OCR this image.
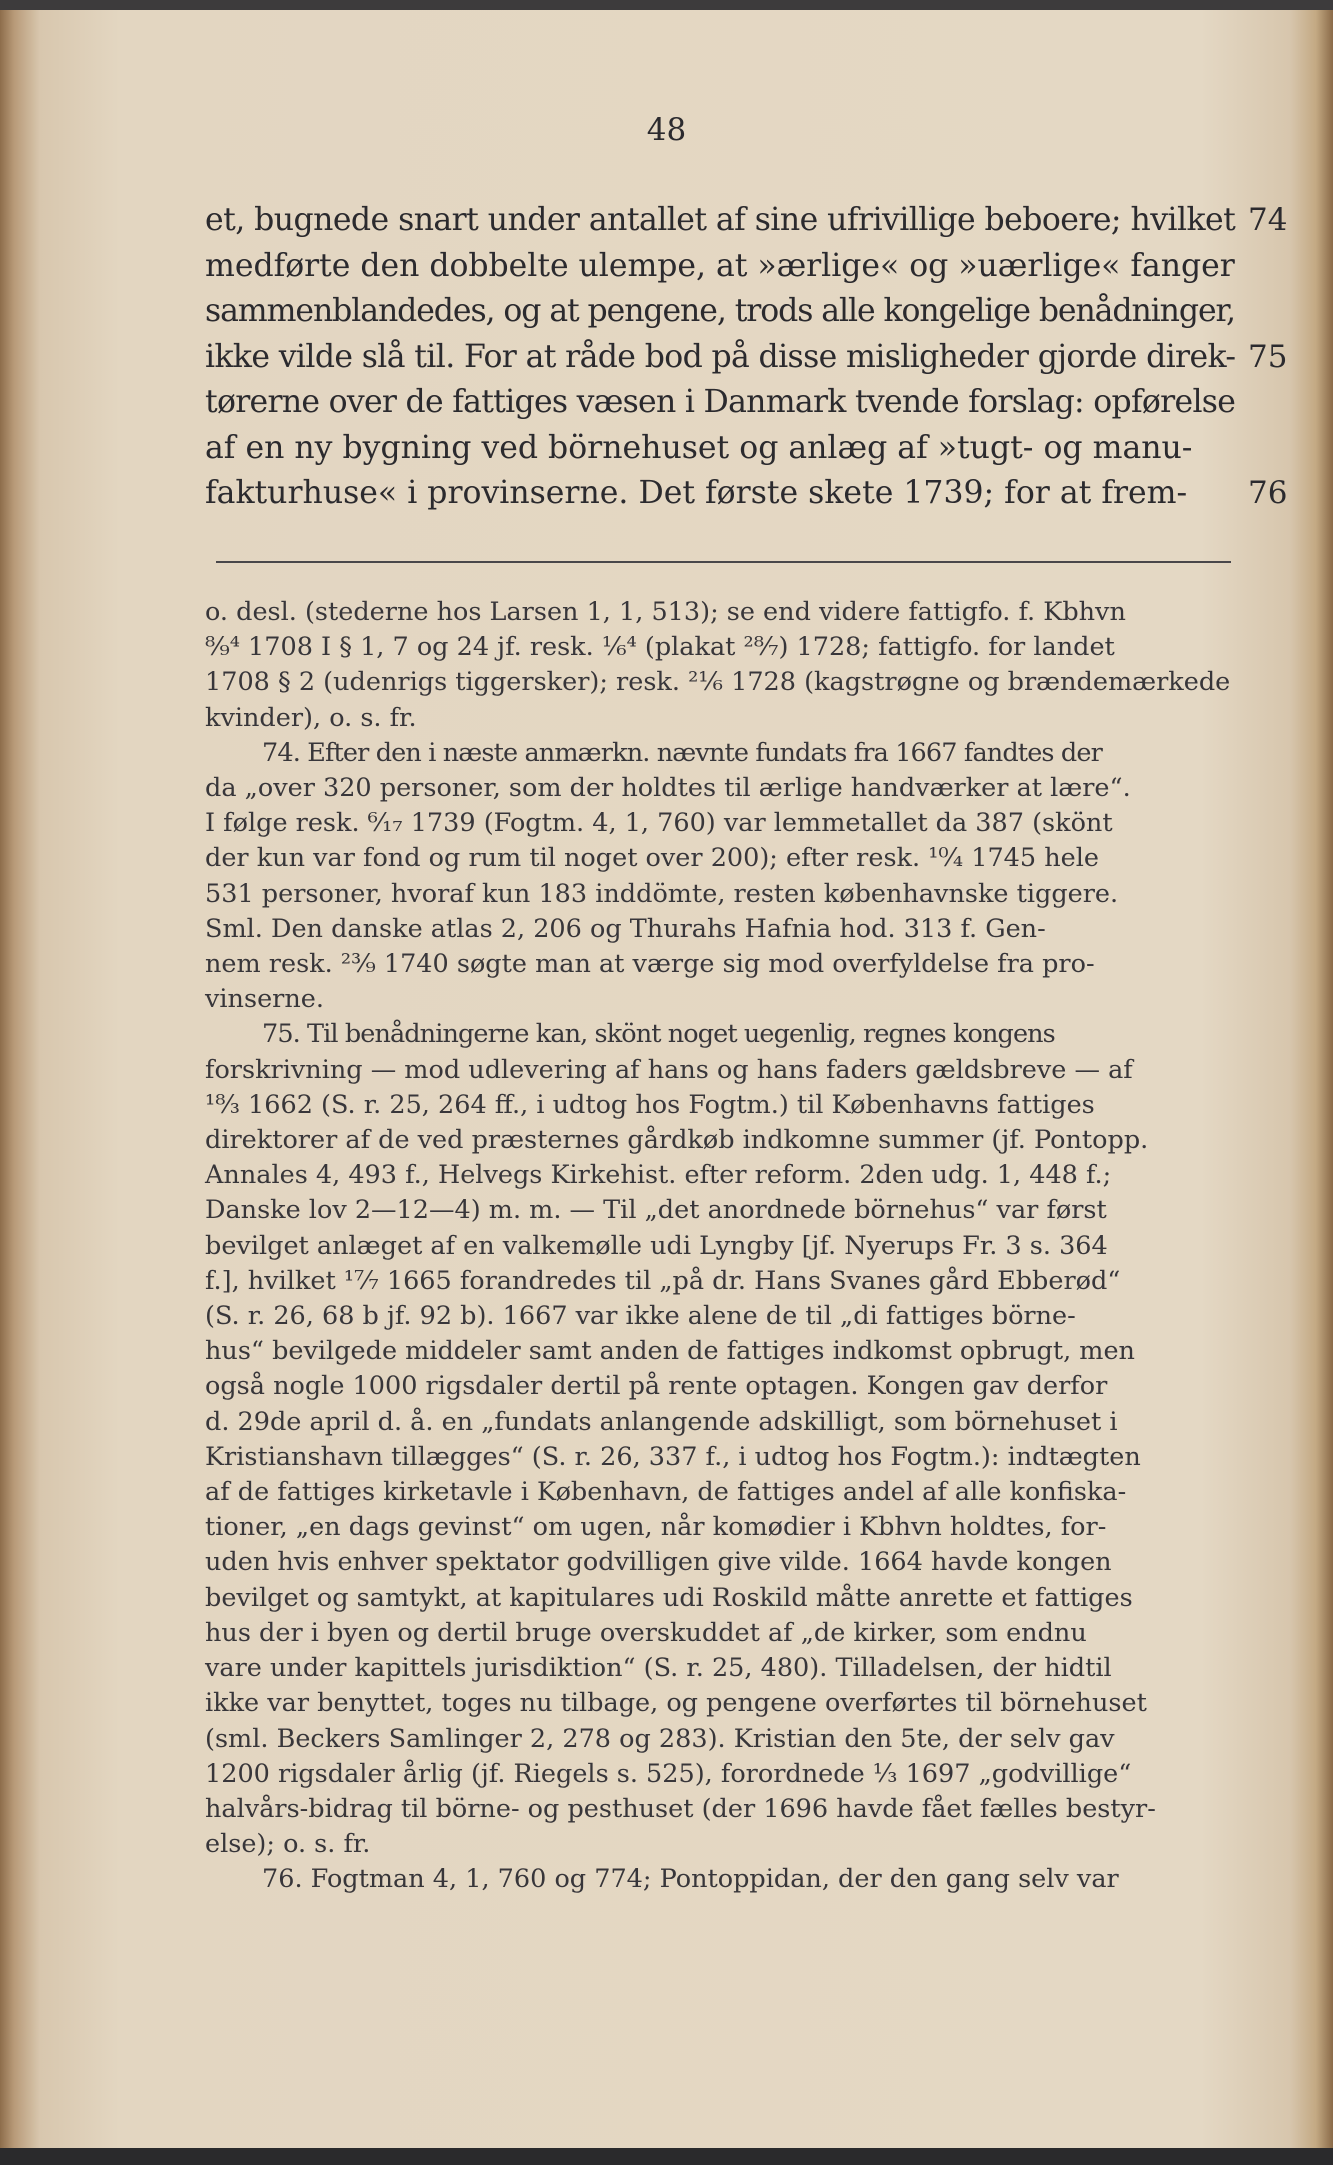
48
et, bugnede snart under antallet af sine ufrivillige beboere; hvilket
medførte den dobbelte ulempe, at »ærlige« og »uærlige« fanger
sammenblandedes, og at pengene, trods alle kongelige benådninger,
ikke vilde slå til. For at råde bod på disse misligheder gjorde direk-
tørerne over de fattiges væsen i Danmark tvende forslag: opførelse
af en ny bygning ved börnehuset og anlæg af »tugt- og manu-
fakturhuse« i provinserne. Det første skete 1739; for at frem-
74
75
76
o. desl. (stederne hos Larsen 1, 1, 513); se end videre fattigfo. f. Kbhvn
⁸⁄₉⁴ 1708 I § 1, 7 og 24 jf. resk. ¹⁄₆⁴ (plakat ²⁸⁄₇) 1728; fattigfo. for landet
1708 § 2 (udenrigs tiggersker); resk. ²¹⁄₆ 1728 (kagstrøgne og brændemærkede
kvinder), o. s. fr.
74. Efter den i næste anmærkn. nævnte fundats fra 1667 fandtes der
da „over 320 personer, som der holdtes til ærlige handværker at lære“.
I følge resk. ⁶⁄₁₇ 1739 (Fogtm. 4, 1, 760) var lemmetallet da 387 (skönt
der kun var fond og rum til noget over 200); efter resk. ¹⁰⁄₄ 1745 hele
531 personer, hvoraf kun 183 inddömte, resten københavnske tiggere.
Sml. Den danske atlas 2, 206 og Thurahs Hafnia hod. 313 f. Gen-
nem resk. ²³⁄₉ 1740 søgte man at værge sig mod overfyldelse fra pro-
vinserne.
75. Til benådningerne kan, skönt noget uegenlig, regnes kongens
forskrivning — mod udlevering af hans og hans faders gældsbreve — af
¹⁸⁄₃ 1662 (S. r. 25, 264 ff., i udtog hos Fogtm.) til Københavns fattiges
direktorer af de ved præsternes gårdkøb indkomne summer (jf. Pontopp.
Annales 4, 493 f., Helvegs Kirkehist. efter reform. 2den udg. 1, 448 f.;
Danske lov 2—12—4) m. m. — Til „det anordnede börnehus“ var først
bevilget anlæget af en valkemølle udi Lyngby [jf. Nyerups Fr. 3 s. 364
f.], hvilket ¹⁷⁄₇ 1665 forandredes til „på dr. Hans Svanes gård Ebberød“
(S. r. 26, 68 b jf. 92 b). 1667 var ikke alene de til „di fattiges börne-
hus“ bevilgede middeler samt anden de fattiges indkomst opbrugt, men
også nogle 1000 rigsdaler dertil på rente optagen. Kongen gav derfor
d. 29de april d. å. en „fundats anlangende adskilligt, som börnehuset i
Kristianshavn tillægges“ (S. r. 26, 337 f., i udtog hos Fogtm.): indtægten
af de fattiges kirketavle i København, de fattiges andel af alle konfiska-
tioner, „en dags gevinst“ om ugen, når komødier i Kbhvn holdtes, for-
uden hvis enhver spektator godvilligen give vilde. 1664 havde kongen
bevilget og samtykt, at kapitulares udi Roskild måtte anrette et fattiges
hus der i byen og dertil bruge overskuddet af „de kirker, som endnu
vare under kapittels jurisdiktion“ (S. r. 25, 480). Tilladelsen, der hidtil
ikke var benyttet, toges nu tilbage, og pengene overførtes til börnehuset
(sml. Beckers Samlinger 2, 278 og 283). Kristian den 5te, der selv gav
1200 rigsdaler årlig (jf. Riegels s. 525), forordnede ¹⁄₃ 1697 „godvillige“
halvårs-bidrag til börne- og pesthuset (der 1696 havde fået fælles bestyr-
else); o. s. fr.
76. Fogtman 4, 1, 760 og 774; Pontoppidan, der den gang selv var
